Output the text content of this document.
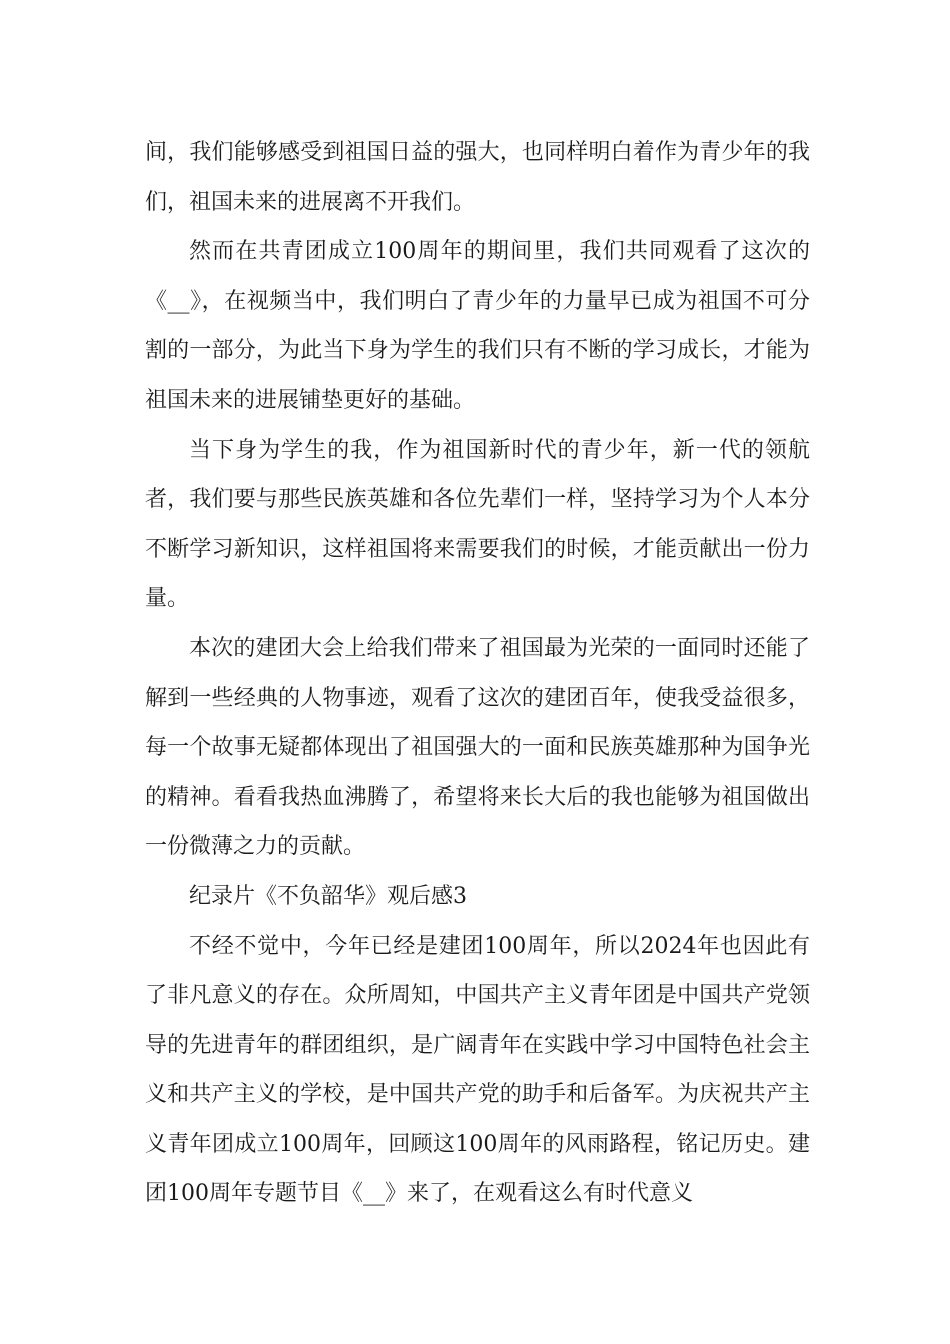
间，我们能够感受到祖国日益的强大，也同样明白着作为青少年的我们，祖国未来的进展离不开我们。

然而在共青团成立100周年的期间里，我们共同观看了这次的《__》，在视频当中，我们明白了青少年的力量早已成为祖国不可分割的一部分，为此当下身为学生的我们只有不断的学习成长，才能为祖国未来的进展铺垫更好的基础。

当下身为学生的我，作为祖国新时代的青少年，新一代的领航者，我们要与那些民族英雄和各位先辈们一样，坚持学习为个人本分不断学习新知识，这样祖国将来需要我们的时候，才能贡献出一份力量。

本次的建团大会上给我们带来了祖国最为光荣的一面同时还能了解到一些经典的人物事迹，观看了这次的建团百年，使我受益很多，每一个故事无疑都体现出了祖国强大的一面和民族英雄那种为国争光的精神。看看我热血沸腾了，希望将来长大后的我也能够为祖国做出一份微薄之力的贡献。

纪录片《不负韶华》观后感3

不经不觉中，今年已经是建团100周年，所以2024年也因此有了非凡意义的存在。众所周知，中国共产主义青年团是中国共产党领导的先进青年的群团组织，是广阔青年在实践中学习中国特色社会主义和共产主义的学校，是中国共产党的助手和后备军。为庆祝共产主义青年团成立100周年，回顾这100周年的风雨路程，铭记历史。建团100周年专题节目《__》来了，在观看这么有时代意义
